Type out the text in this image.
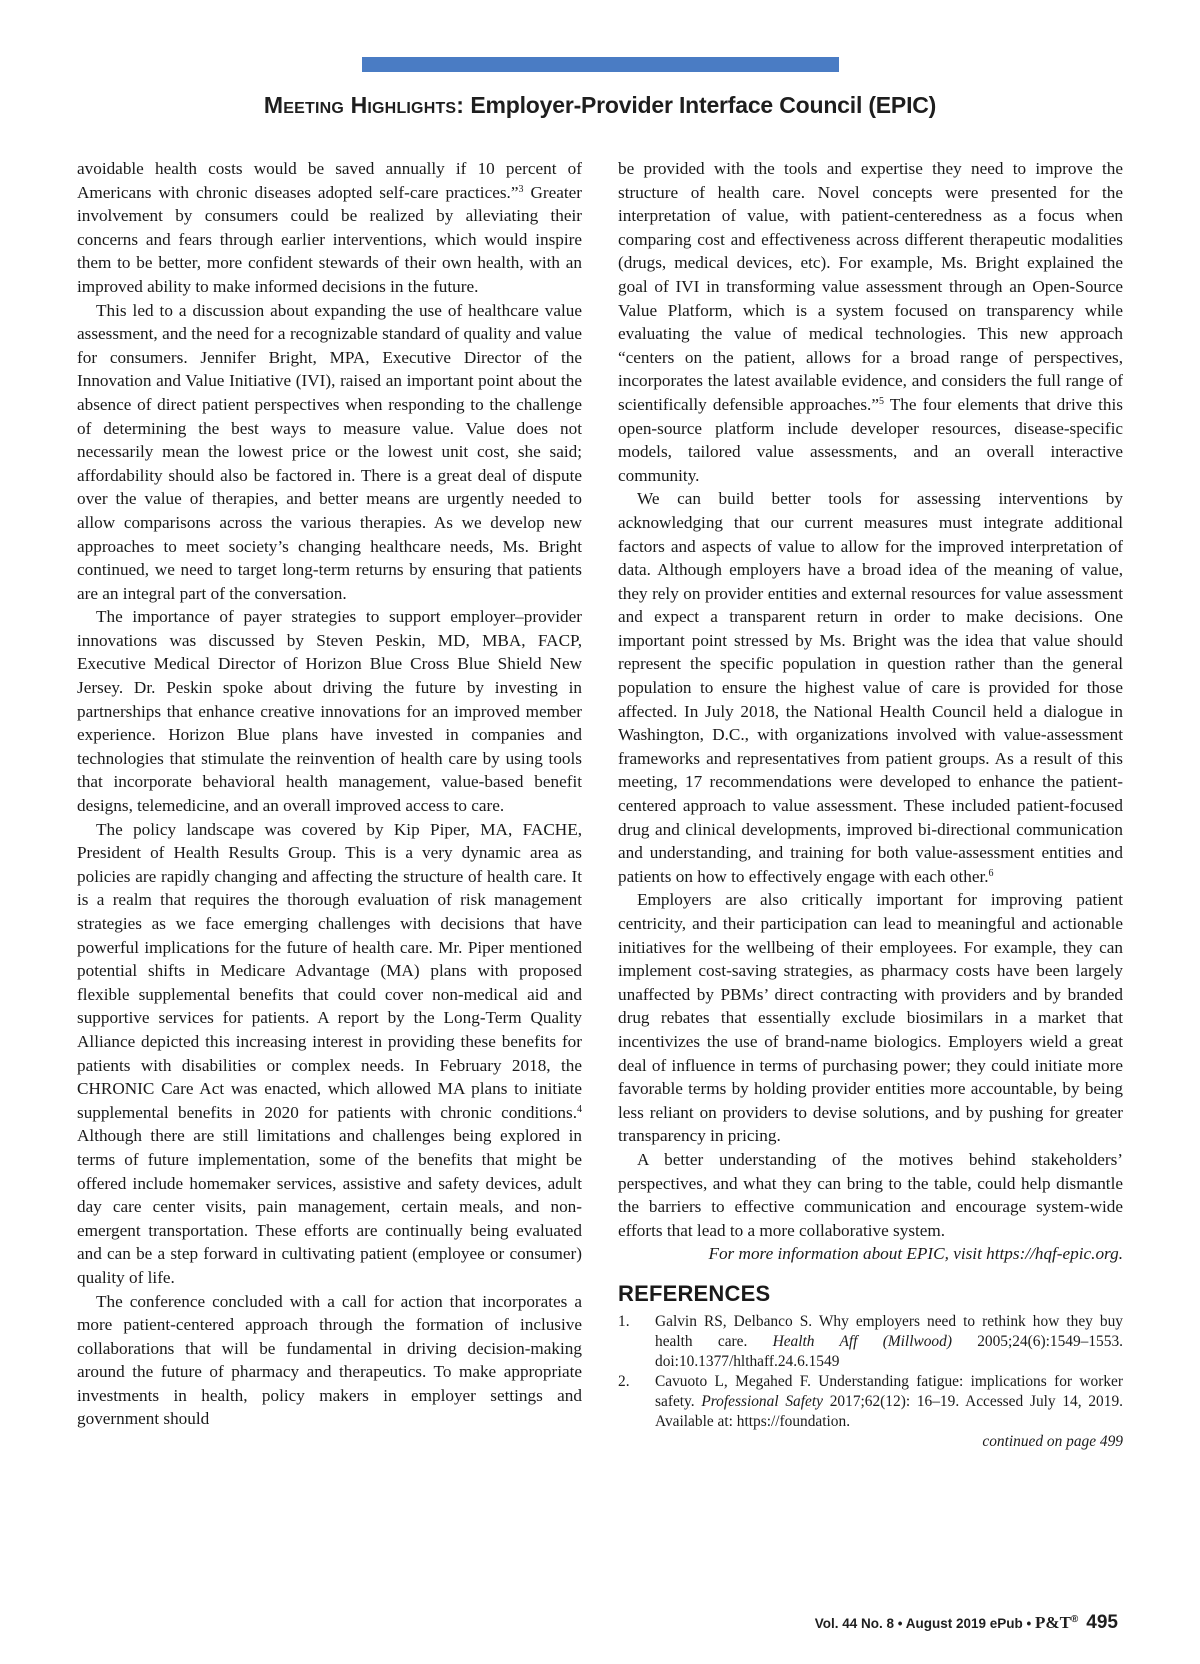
Meeting Highlights: Employer-Provider Interface Council (EPIC)

avoidable health costs would be saved annually if 10 percent of Americans with chronic diseases adopted self-care practices.”$^3$ Greater involvement by consumers could be realized by alleviating their concerns and fears through earlier interventions, which would inspire them to be better, more confident stewards of their own health, with an improved ability to make informed decisions in the future.

This led to a discussion about expanding the use of healthcare value assessment, and the need for a recognizable standard of quality and value for consumers. Jennifer Bright, MPA, Executive Director of the Innovation and Value Initiative (IVI), raised an important point about the absence of direct patient perspectives when responding to the challenge of determining the best ways to measure value. Value does not necessarily mean the lowest price or the lowest unit cost, she said; affordability should also be factored in. There is a great deal of dispute over the value of therapies, and better means are urgently needed to allow comparisons across the various therapies. As we develop new approaches to meet society’s changing healthcare needs, Ms. Bright continued, we need to target long-term returns by ensuring that patients are an integral part of the conversation.

The importance of payer strategies to support employer–provider innovations was discussed by Steven Peskin, MD, MBA, FACP, Executive Medical Director of Horizon Blue Cross Blue Shield New Jersey. Dr. Peskin spoke about driving the future by investing in partnerships that enhance creative innovations for an improved member experience. Horizon Blue plans have invested in companies and technologies that stimulate the reinvention of health care by using tools that incorporate behavioral health management, value-based benefit designs, telemedicine, and an overall improved access to care.

The policy landscape was covered by Kip Piper, MA, FACHE, President of Health Results Group. This is a very dynamic area as policies are rapidly changing and affecting the structure of health care. It is a realm that requires the thorough evaluation of risk management strategies as we face emerging challenges with decisions that have powerful implications for the future of health care. Mr. Piper mentioned potential shifts in Medicare Advantage (MA) plans with proposed flexible supplemental benefits that could cover non-medical aid and supportive services for patients. A report by the Long-Term Quality Alliance depicted this increasing interest in providing these benefits for patients with disabilities or complex needs. In February 2018, the CHRONIC Care Act was enacted, which allowed MA plans to initiate supplemental benefits in 2020 for patients with chronic conditions.$^4$ Although there are still limitations and challenges being explored in terms of future implementation, some of the benefits that might be offered include homemaker services, assistive and safety devices, adult day care center visits, pain management, certain meals, and non-emergent transportation. These efforts are continually being evaluated and can be a step forward in cultivating patient (employee or consumer) quality of life.

The conference concluded with a call for action that incorporates a more patient-centered approach through the formation of inclusive collaborations that will be fundamental in driving decision-making around the future of pharmacy and therapeutics. To make appropriate investments in health, policy makers in employer settings and government should

be provided with the tools and expertise they need to improve the structure of health care. Novel concepts were presented for the interpretation of value, with patient-centeredness as a focus when comparing cost and effectiveness across different therapeutic modalities (drugs, medical devices, etc). For example, Ms. Bright explained the goal of IVI in transforming value assessment through an Open-Source Value Platform, which is a system focused on transparency while evaluating the value of medical technologies. This new approach “centers on the patient, allows for a broad range of perspectives, incorporates the latest available evidence, and considers the full range of scientifically defensible approaches.”$^5$ The four elements that drive this open-source platform include developer resources, disease-specific models, tailored value assessments, and an overall interactive community.

We can build better tools for assessing interventions by acknowledging that our current measures must integrate additional factors and aspects of value to allow for the improved interpretation of data. Although employers have a broad idea of the meaning of value, they rely on provider entities and external resources for value assessment and expect a transparent return in order to make decisions. One important point stressed by Ms. Bright was the idea that value should represent the specific population in question rather than the general population to ensure the highest value of care is provided for those affected. In July 2018, the National Health Council held a dialogue in Washington, D.C., with organizations involved with value-assessment frameworks and representatives from patient groups. As a result of this meeting, 17 recommendations were developed to enhance the patient-centered approach to value assessment. These included patient-focused drug and clinical developments, improved bi-directional communication and understanding, and training for both value-assessment entities and patients on how to effectively engage with each other.$^6$

Employers are also critically important for improving patient centricity, and their participation can lead to meaningful and actionable initiatives for the wellbeing of their employees. For example, they can implement cost-saving strategies, as pharmacy costs have been largely unaffected by PBMs’ direct contracting with providers and by branded drug rebates that essentially exclude biosimilars in a market that incentivizes the use of brand-name biologics. Employers wield a great deal of influence in terms of purchasing power; they could initiate more favorable terms by holding provider entities more accountable, by being less reliant on providers to devise solutions, and by pushing for greater transparency in pricing.

A better understanding of the motives behind stakeholders’ perspectives, and what they can bring to the table, could help dismantle the barriers to effective communication and encourage system-wide efforts that lead to a more collaborative system.

For more information about EPIC, visit https://hqf-epic.org.

REFERENCES
1. Galvin RS, Delbanco S. Why employers need to rethink how they buy health care. Health Aff (Millwood) 2005;24(6):1549–1553. doi:10.1377/hlthaff.24.6.1549
2. Cavuoto L, Megahed F. Understanding fatigue: implications for worker safety. Professional Safety 2017;62(12): 16–19. Accessed July 14, 2019. Available at: https://foundation.
continued on page 499
Vol. 44 No. 8 • August 2019 ePub • P&T® 495
